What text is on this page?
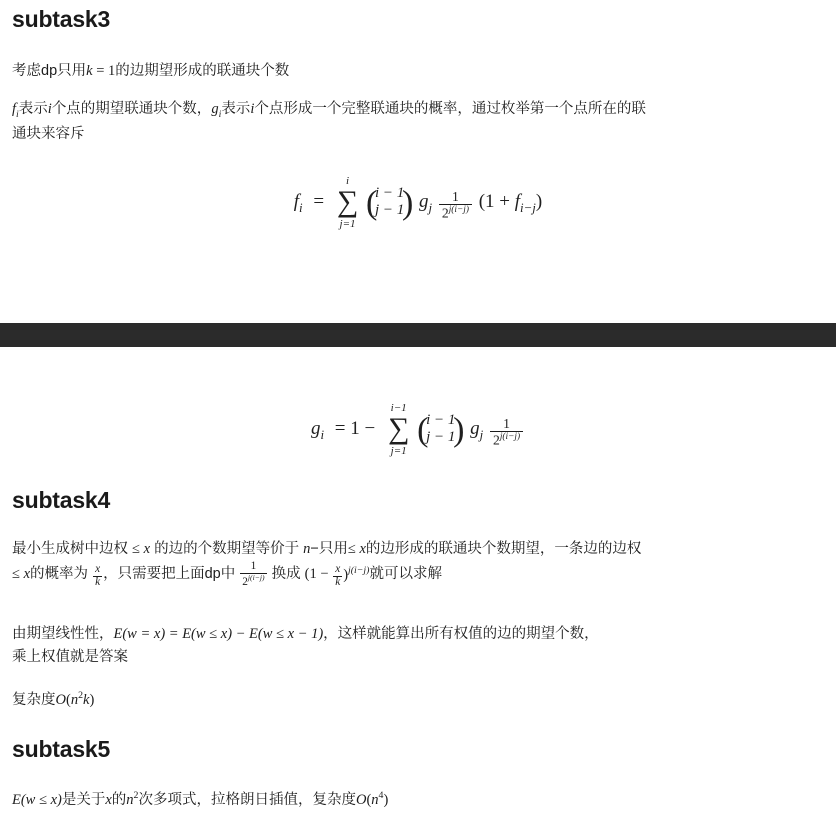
subtask3

考虑dp只用k = 1的边期望形成的联通块个数

$f_i$表示i个点的期望联通块个数，$g_i$表示i个点形成一个完整联通块的概率，通过枚举第一个点所在的联
通块来容斥

$f_i$ =
i
∑
j=1

(
i − 1
j − 1
) $g_j \frac{1}{2^{j(i-j)}} (1 + f_{i-j})$
$g_i = 1$ −
i−1
∑
j=1

(
i − 1
j − 1
) $g_j \frac{1}{2^{j(i-j)}}$
subtask4

最小生成树中边权 ≤ x 的边的个数期望等价于 n−只用≤ x的边形成的联通块个数期望，一条边的边权
≤ x的概率为 $\frac{x}{k}$ ，只需要把上面dp中 $\frac{1}{2^{j(i-j)}}$ 换成 $(1 - \frac{x}{k} )^{j(i-j)}$就可以求解

由期望线性性，E(w = x) = E(w ≤ x) − E(w ≤ x − 1)，这样就能算出所有权值的边的期望个数，
乘上权值就是答案

复杂度$O(n^2k)$

subtask5

E(w ≤ x)是关于x的$n^2$次多项式，拉格朗日插值，复杂度$O(n^4)$
